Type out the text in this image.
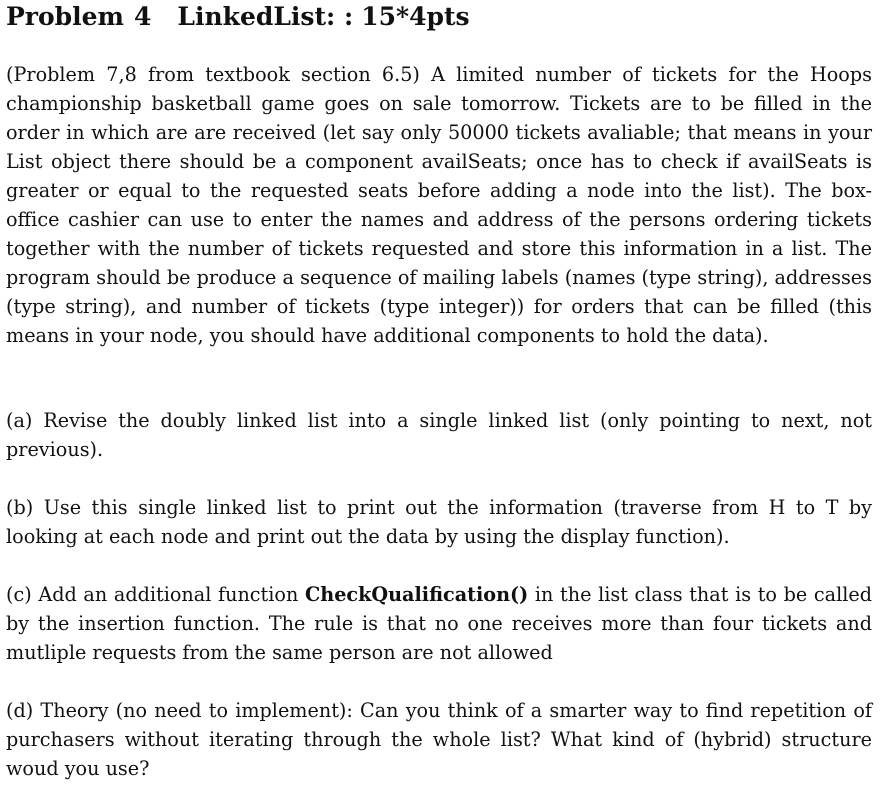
Problem 4 LinkedList: : 15*4pts

(Problem 7,8 from textbook section 6.5) A limited number of tickets for the Hoops championship basketball game goes on sale tomorrow. Tickets are to be filled in the order in which are are received (let say only 50000 tickets avaliable; that means in your List object there should be a component availSeats; once has to check if availSeats is greater or equal to the requested seats before adding a node into the list). The box-office cashier can use to enter the names and address of the persons ordering tickets together with the number of tickets requested and store this information in a list. The program should be produce a sequence of mailing labels (names (type string), addresses (type string), and number of tickets (type integer)) for orders that can be filled (this means in your node, you should have additional components to hold the data).

(a) Revise the doubly linked list into a single linked list (only pointing to next, not previous).

(b) Use this single linked list to print out the information (traverse from H to T by looking at each node and print out the data by using the display function).

(c) Add an additional function CheckQualification() in the list class that is to be called by the insertion function. The rule is that no one receives more than four tickets and mutliple requests from the same person are not allowed

(d) Theory (no need to implement): Can you think of a smarter way to find repetition of purchasers without iterating through the whole list? What kind of (hybrid) structure woud you use?
